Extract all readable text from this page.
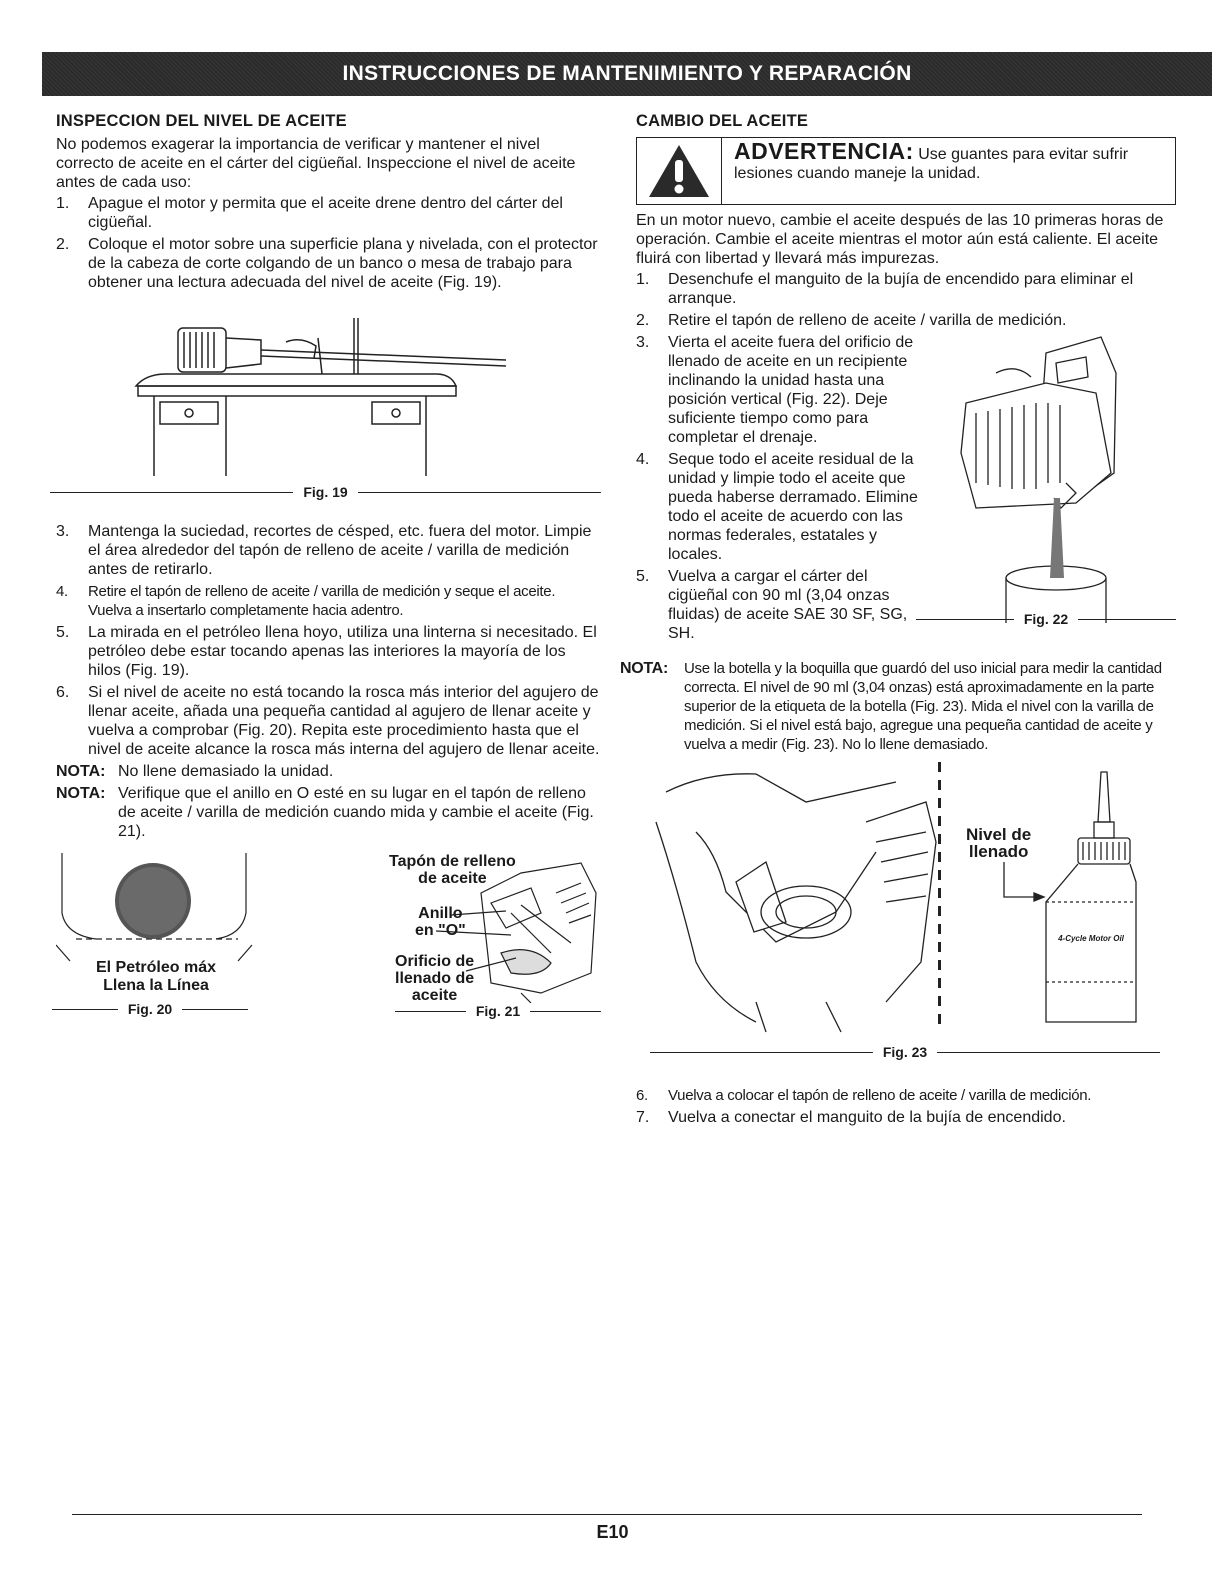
INSTRUCCIONES DE MANTENIMIENTO Y REPARACIÓN
INSPECCION DEL NIVEL DE ACEITE

No podemos exagerar la importancia de verificar y mantener el nivel correcto de aceite en el cárter del cigüeñal. Inspeccione el nivel de aceite antes de cada uso:

1. Apague el motor y permita que el aceite drene dentro del cárter del cigüeñal.
2. Coloque el motor sobre una superficie plana y nivelada, con el protector de la cabeza de corte colgando de un banco o mesa de trabajo para obtener una lectura adecuada del nivel de aceite (Fig. 19).
Fig. 19
3. Mantenga la suciedad, recortes de césped, etc. fuera del motor. Limpie el área alrededor del tapón de relleno de aceite / varilla de medición antes de retirarlo.
4. Retire el tapón de relleno de aceite / varilla de medición y seque el aceite. Vuelva a insertarlo completamente hacia adentro.
5. La mirada en el petróleo llena hoyo, utiliza una linterna si necesitado. El petróleo debe estar tocando apenas las interiores la mayoría de los hilos (Fig. 19).
6. Si el nivel de aceite no está tocando la rosca más interior del agujero de llenar aceite, añada una pequeña cantidad al agujero de llenar aceite y vuelva a comprobar (Fig. 20). Repita este procedimiento hasta que el nivel de aceite alcance la rosca más interna del agujero de llenar aceite.
NOTA: No llene demasiado la unidad.
NOTA: Verifique que el anillo en O esté en su lugar en el tapón de relleno de aceite / varilla de medición cuando mida y cambie el aceite (Fig. 21).
El Petróleo máx
Llena la Línea
Fig. 20
Tapón de relleno
de aceite
Anillo
en "O"
Orificio de
llenado de
aceite
Fig. 21
CAMBIO DEL ACEITE
ADVERTENCIA: Use guantes para evitar sufrir
lesiones cuando maneje la unidad.

En un motor nuevo, cambie el aceite después de las 10 primeras horas de operación. Cambie el aceite mientras el motor aún está caliente. El aceite fluirá con libertad y llevará más impurezas.

1. Desenchufe el manguito de la bujía de encendido para eliminar el arranque.
2. Retire el tapón de relleno de aceite / varilla de medición.
3. Vierta el aceite fuera del orificio de llenado de aceite en un recipiente inclinando la unidad hasta una posición vertical (Fig. 22). Deje suficiente tiempo como para completar el drenaje.
4. Seque todo el aceite residual de la unidad y limpie todo el aceite que pueda haberse derramado. Elimine todo el aceite de acuerdo con las normas federales, estatales y locales.
5. Vuelva a cargar el cárter del cigüeñal con 90 ml (3,04 onzas fluidas) de aceite SAE 30 SF, SG, SH.
Fig. 22
NOTA: Use la botella y la boquilla que guardó del uso inicial para medir la cantidad correcta. El nivel de 90 ml (3,04 onzas) está aproximadamente en la parte superior de la etiqueta de la botella (Fig. 23). Mida el nivel con la varilla de medición. Si el nivel está bajo, agregue una pequeña cantidad de aceite y vuelva a medir (Fig. 23). No lo llene demasiado.
Nivel de
llenado
4-Cycle Motor Oil
Fig. 23
6. Vuelva a colocar el tapón de relleno de aceite / varilla de medición.
7. Vuelva a conectar el manguito de la bujía de encendido.
E10
